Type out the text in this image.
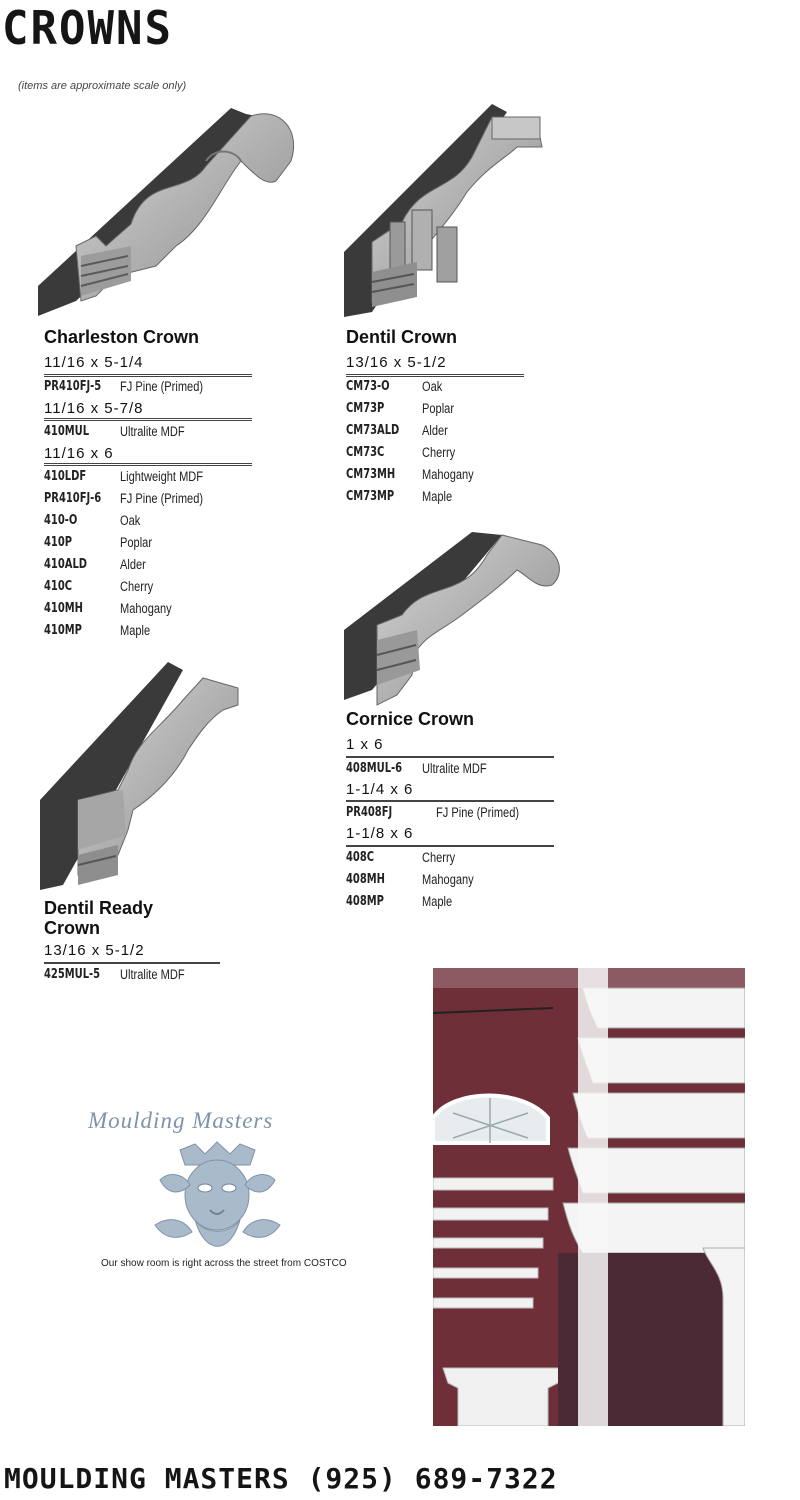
CROWNS
(items are approximate scale only)
Charleston Crown
11/16 x 5-1/4
PR410FJ-5 FJ Pine (Primed)
11/16 x 5-7/8
410MUL Ultralite MDF
11/16 x 6
410LDF	Lightweight MDF
PR410FJ-6 FJ Pine (Primed)
410-O	Oak
410P	Poplar
410ALD Alder
410C	Cherry
410MH	Mahogany
410MP	Maple
Dentil Crown
13/16 x 5-1/2
CM73-O Oak
CM73P	Poplar
CM73ALD Alder
CM73C	Cherry
CM73MH Mahogany
CM73MP Maple
Cornice Crown
1 x 6
408MUL-6 Ultralite MDF
1-1/4 x 6
PR408FJ	FJ Pine (Primed)
1-1/8 x 6
408C	Cherry
408MH	Mahogany
408MP	Maple
Dentil Ready
Crown
13/16 x 5-1/2
425MUL-5 Ultralite MDF
Moulding Masters
Our show room is right across the street from COSTCO
MOULDING MASTERS (925) 689-7322
